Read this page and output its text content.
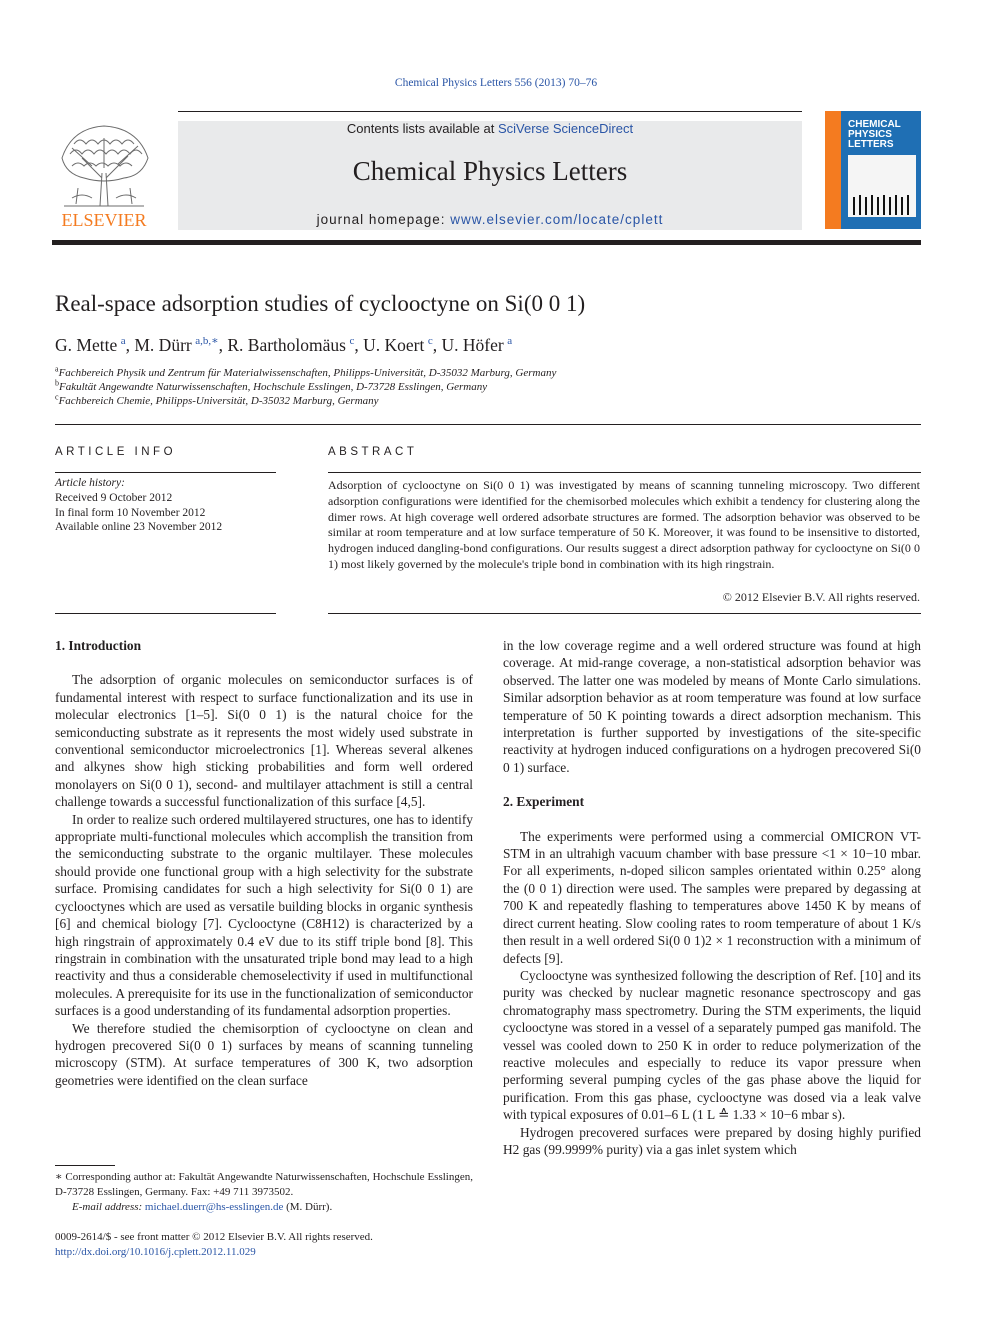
Chemical Physics Letters 556 (2013) 70–76
ELSEVIER
Contents lists available at SciVerse ScienceDirect
Chemical Physics Letters
journal homepage: www.elsevier.com/locate/cplett
CHEMICAL
PHYSICS
LETTERS
Real-space adsorption studies of cyclooctyne on Si(0 0 1)
G. Mette  $^a$, M. Dürr  $^{a,b,∗}$, R. Bartholomäus  $^c$, U. Koert  $^c$, U. Höfer  $^a$
$^a$Fachbereich Physik und Zentrum für Materialwissenschaften, Philipps-Universität, D-35032 Marburg, Germany
$^b$Fakultät Angewandte Naturwissenschaften, Hochschule Esslingen, D-73728 Esslingen, Germany
$^c$Fachbereich Chemie, Philipps-Universität, D-35032 Marburg, Germany
ARTICLE INFO
Article history:
Received 9 October 2012
In final form 10 November 2012
Available online 23 November 2012
ABSTRACT
Adsorption of cyclooctyne on Si(0 0 1) was investigated by means of scanning tunneling microscopy. Two different adsorption configurations were identified for the chemisorbed molecules which exhibit a tendency for clustering along the dimer rows. At high coverage well ordered adsorbate structures are formed. The adsorption behavior was observed to be similar at room temperature and at low surface temperature of 50 K. Moreover, it was found to be insensitive to distorted, hydrogen induced dangling-bond configurations. Our results suggest a direct adsorption pathway for cyclooctyne on Si(0 0 1) most likely governed by the molecule's triple bond in combination with its high ringstrain.
© 2012 Elsevier B.V. All rights reserved.
1. Introduction

The adsorption of organic molecules on semiconductor surfaces is of fundamental interest with respect to surface functionalization and its use in molecular electronics [1–5]. Si(0 0 1) is the natural choice for the semiconducting substrate as it represents the most widely used substrate in conventional semiconductor microelectronics [1]. Whereas several alkenes and alkynes show high sticking probabilities and form well ordered monolayers on Si(0 0 1), second- and multilayer attachment is still a central challenge towards a successful functionalization of this surface [4,5].

In order to realize such ordered multilayered structures, one has to identify appropriate multi-functional molecules which accomplish the transition from the semiconducting substrate to the organic multilayer. These molecules should provide one functional group with a high selectivity for the substrate surface. Promising candidates for such a high selectivity for Si(0 0 1) are cyclooctynes which are used as versatile building blocks in organic synthesis [6] and chemical biology [7]. Cyclooctyne (C8H12) is characterized by a high ringstrain of approximately 0.4 eV due to its stiff triple bond [8]. This ringstrain in combination with the unsaturated triple bond may lead to a high reactivity and thus a considerable chemoselectivity if used in multifunctional molecules. A prerequisite for its use in the functionalization of semiconductor surfaces is a good understanding of its fundamental adsorption properties.

We therefore studied the chemisorption of cyclooctyne on clean and hydrogen precovered Si(0 0 1) surfaces by means of scanning tunneling microscopy (STM). At surface temperatures of 300 K, two adsorption geometries were identified on the clean surface

in the low coverage regime and a well ordered structure was found at high coverage. At mid-range coverage, a non-statistical adsorption behavior was observed. The latter one was modeled by means of Monte Carlo simulations. Similar adsorption behavior as at room temperature was found at low surface temperature of 50 K pointing towards a direct adsorption mechanism. This interpretation is further supported by investigations of the site-specific reactivity at hydrogen induced configurations on a hydrogen precovered Si(0 0 1) surface.

2. Experiment

The experiments were performed using a commercial OMICRON VT-STM in an ultrahigh vacuum chamber with base pressure <1 × 10−10 mbar. For all experiments, n-doped silicon samples orientated within 0.25° along the (0 0 1) direction were used. The samples were prepared by degassing at 700 K and repeatedly flashing to temperatures above 1450 K by means of direct current heating. Slow cooling rates to room temperature of about 1 K/s then result in a well ordered Si(0 0 1)2 × 1 reconstruction with a minimum of defects [9].

Cyclooctyne was synthesized following the description of Ref. [10] and its purity was checked by nuclear magnetic resonance spectroscopy and gas chromatography mass spectrometry. During the STM experiments, the liquid cyclooctyne was stored in a vessel of a separately pumped gas manifold. The vessel was cooled down to 250 K in order to reduce polymerization of the reactive molecules and especially to reduce its vapor pressure when performing several pumping cycles of the gas phase above the liquid for purification. From this gas phase, cyclooctyne was dosed via a leak valve with typical exposures of 0.01–6 L (1 L ≙ 1.33 × 10−6 mbar s).

Hydrogen precovered surfaces were prepared by dosing highly purified H2 gas (99.9999% purity) via a gas inlet system which

∗ Corresponding author at: Fakultät Angewandte Naturwissenschaften, Hochschule Esslingen, D-73728 Esslingen, Germany. Fax: +49 711 3973502.
E-mail address: michael.duerr@hs-esslingen.de (M. Dürr).
0009-2614/$ - see front matter © 2012 Elsevier B.V. All rights reserved.
http://dx.doi.org/10.1016/j.cplett.2012.11.029
